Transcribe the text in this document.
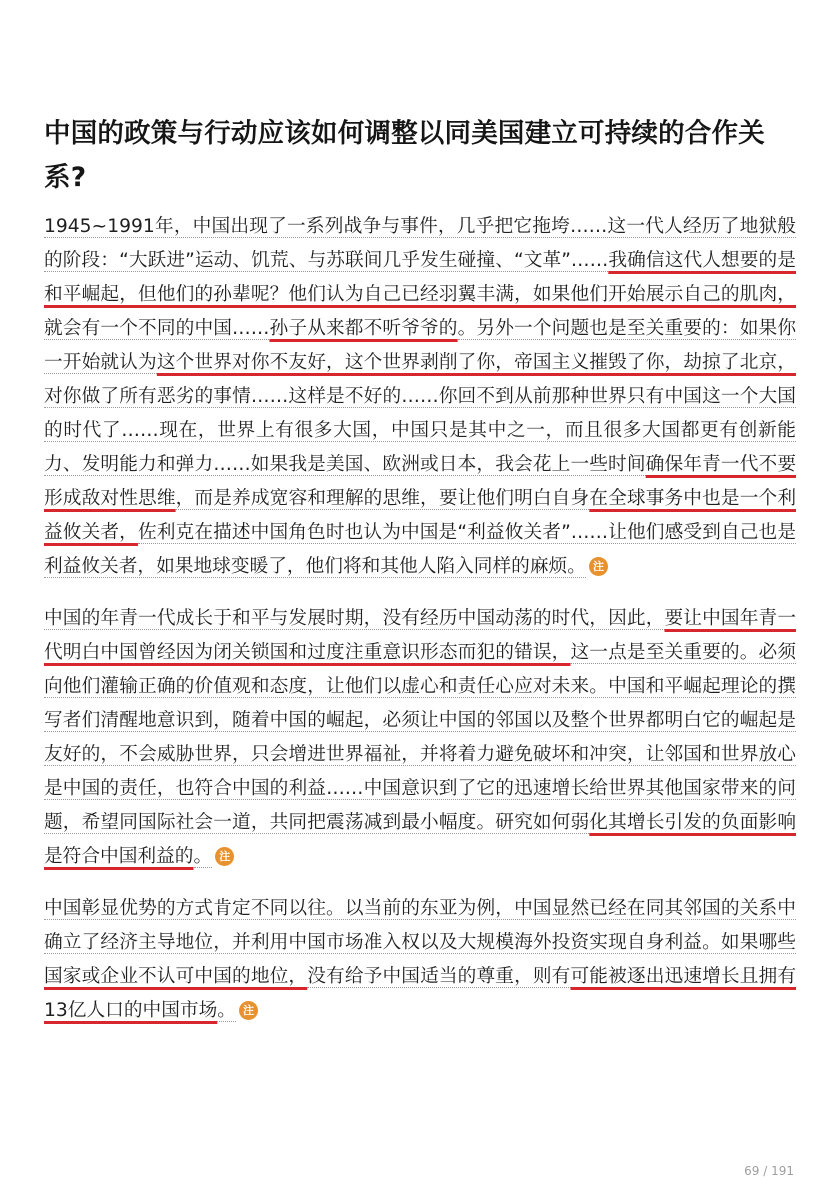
中国的政策与行动应该如何调整以同美国建立可持续的合作关系?

1945~1991年，中国出现了一系列战争与事件，几乎把它拖垮……这一代人经历了地狱般的阶段：“大跃进”运动、饥荒、与苏联间几乎发生碰撞、“文革”……我确信这代人想要的是和平崛起，但他们的孙辈呢？他们认为自己已经羽翼丰满，如果他们开始展示自己的肌肉，就会有一个不同的中国……孙子从来都不听爷爷的。另外一个问题也是至关重要的：如果你一开始就认为这个世界对你不友好，这个世界剥削了你，帝国主义摧毁了你，劫掠了北京，对你做了所有恶劣的事情……这样是不好的……你回不到从前那种世界只有中国这一个大国的时代了……现在，世界上有很多大国，中国只是其中之一，而且很多大国都更有创新能力、发明能力和弹力……如果我是美国、欧洲或日本，我会花上一些时间确保年青一代不要形成敌对性思维，而是养成宽容和理解的思维，要让他们明白自身在全球事务中也是一个利益攸关者，佐利克在描述中国角色时也认为中国是“利益攸关者”……让他们感受到自己也是利益攸关者，如果地球变暖了，他们将和其他人陷入同样的麻烦。 注

中国的年青一代成长于和平与发展时期，没有经历中国动荡的时代，因此，要让中国年青一代明白中国曾经因为闭关锁国和过度注重意识形态而犯的错误，这一点是至关重要的。必须向他们灌输正确的价值观和态度，让他们以虚心和责任心应对未来。中国和平崛起理论的撰写者们清醒地意识到，随着中国的崛起，必须让中国的邻国以及整个世界都明白它的崛起是友好的，不会威胁世界，只会增进世界福祉，并将着力避免破坏和冲突，让邻国和世界放心是中国的责任，也符合中国的利益……中国意识到了它的迅速增长给世界其他国家带来的问题，希望同国际社会一道，共同把震荡减到最小幅度。研究如何弱化其增长引发的负面影响是符合中国利益的。 注

中国彰显优势的方式肯定不同以往。以当前的东亚为例，中国显然已经在同其邻国的关系中确立了经济主导地位，并利用中国市场准入权以及大规模海外投资实现自身利益。如果哪些国家或企业不认可中国的地位，没有给予中国适当的尊重，则有可能被逐出迅速增长且拥有13亿人口的中国市场。 注

69 / 191
